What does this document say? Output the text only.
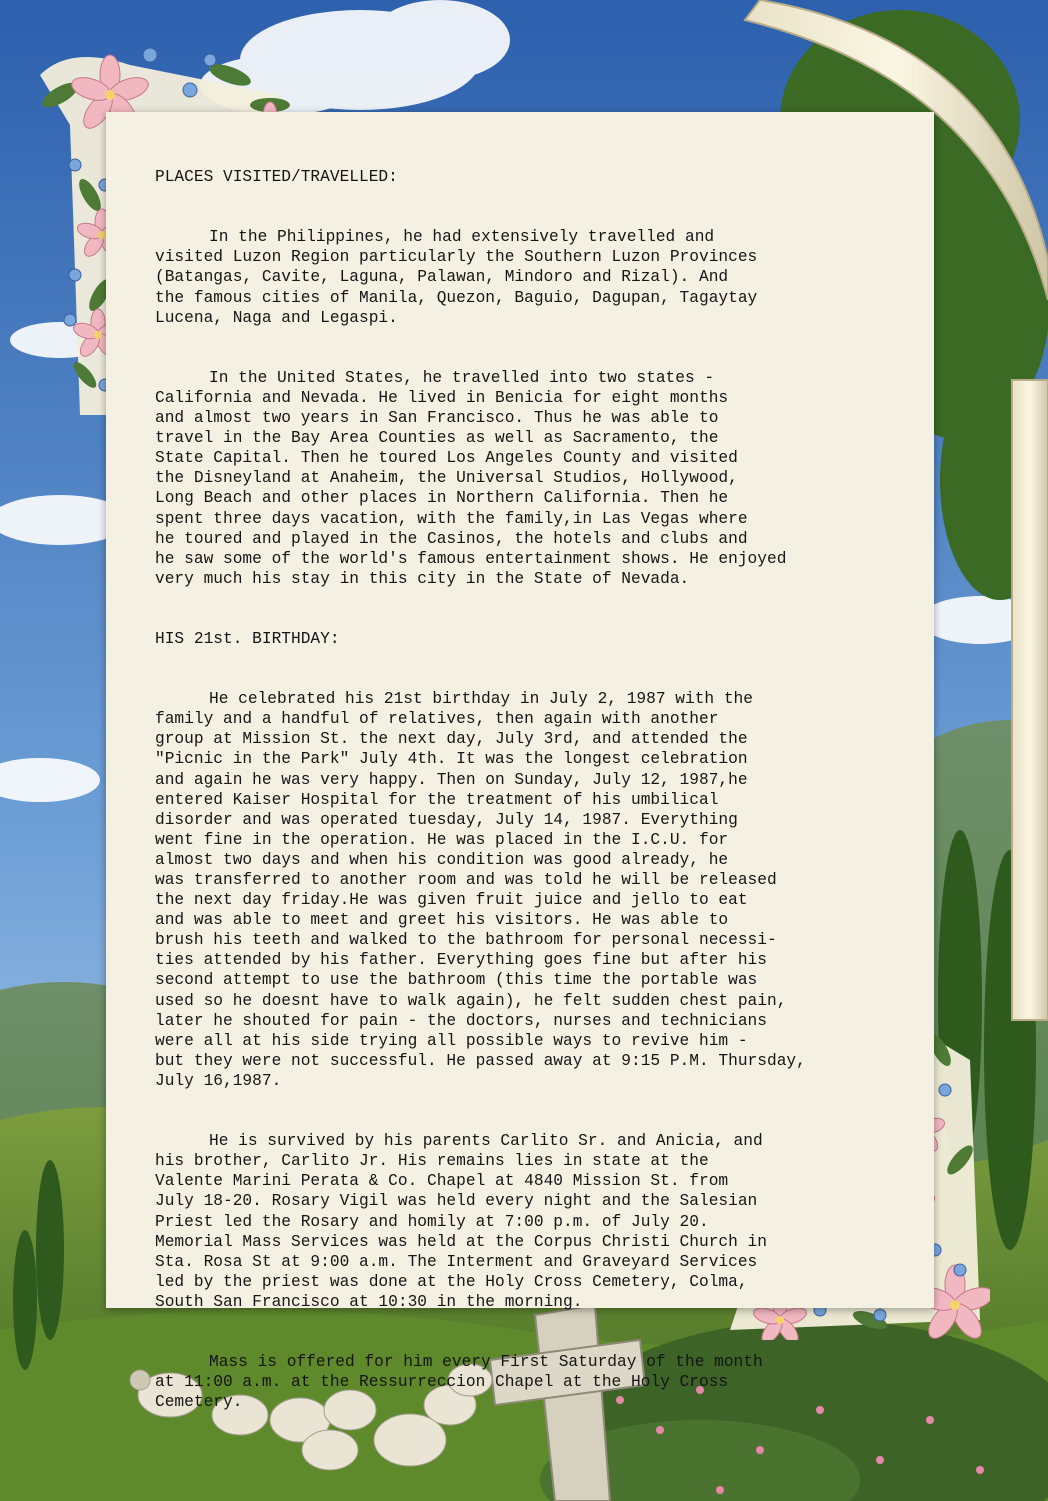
PLACES VISITED/TRAVELLED:

In the Philippines, he had extensively travelled and
visited Luzon Region particularly the Southern Luzon Provinces
(Batangas, Cavite, Laguna, Palawan, Mindoro and Rizal). And
the famous cities of Manila, Quezon, Baguio, Dagupan, Tagaytay
Lucena, Naga and Legaspi.

In the United States, he travelled into two states -
California and Nevada. He lived in Benicia for eight months
and almost two years in San Francisco. Thus he was able to
travel in the Bay Area Counties as well as Sacramento, the
State Capital. Then he toured Los Angeles County and visited
the Disneyland at Anaheim, the Universal Studios, Hollywood,
Long Beach and other places in Northern California. Then he
spent three days vacation, with the family,in Las Vegas where
he toured and played in the Casinos, the hotels and clubs and
he saw some of the world's famous entertainment shows. He enjoyed
very much his stay in this city in the State of Nevada.

HIS 21st. BIRTHDAY:

He celebrated his 21st birthday in July 2, 1987 with the
family and a handful of relatives, then again with another
group at Mission St. the next day, July 3rd, and attended the
"Picnic in the Park" July 4th. It was the longest celebration
and again he was very happy. Then on Sunday, July 12, 1987,he
entered Kaiser Hospital for the treatment of his umbilical
disorder and was operated tuesday, July 14, 1987. Everything
went fine in the operation. He was placed in the I.C.U. for
almost two days and when his condition was good already, he
was transferred to another room and was told he will be released
the next day friday.He was given fruit juice and jello to eat
and was able to meet and greet his visitors. He was able to
brush his teeth and walked to the bathroom for personal necessi-
ties attended by his father. Everything goes fine but after his
second attempt to use the bathroom (this time the portable was
used so he doesnt have to walk again), he felt sudden chest pain,
later he shouted for pain - the doctors, nurses and technicians
were all at his side trying all possible ways to revive him -
but they were not successful. He passed away at 9:15 P.M. Thursday,
July 16,1987.

He is survived by his parents Carlito Sr. and Anicia, and
his brother, Carlito Jr. His remains lies in state at the
Valente Marini Perata & Co. Chapel at 4840 Mission St. from
July 18-20. Rosary Vigil was held every night and the Salesian
Priest led the Rosary and homily at 7:00 p.m. of July 20.
Memorial Mass Services was held at the Corpus Christi Church in
Sta. Rosa St at 9:00 a.m. The Interment and Graveyard Services
led by the priest was done at the Holy Cross Cemetery, Colma,
South San Francisco at 10:30 in the morning.

Mass is offered for him every First Saturday of the month
at 11:00 a.m. at the Ressurreccion Chapel at the Holy Cross
Cemetery.
